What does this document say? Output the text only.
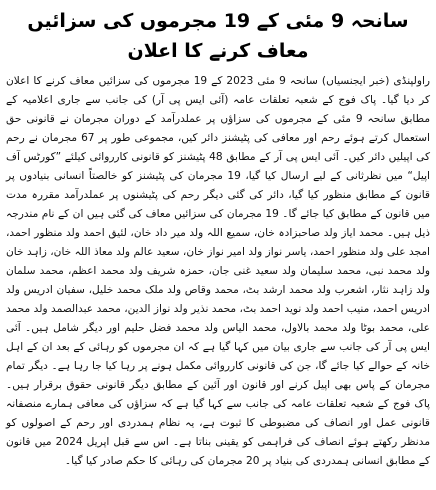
سانحہ 9 مئی کے 19 مجرموں کی سزائیں معاف کرنے کا اعلان

راولپنڈی (خبر ایجنسیاں) سانحہ 9 مئی 2023 کے 19 مجرموں کی سزائیں معاف کرنے کا اعلان کر دیا گیا۔ پاک فوج کے شعبہ تعلقات عامہ (آئی ایس پی آر) کی جانب سے جاری اعلامیہ کے مطابق سانحہ 9 مئی کے مجرموں کی سزاؤں پر عملدرآمد کے دوران مجرمان نے قانونی حق استعمال کرتے ہوئے رحم اور معافی کی پٹیشنز دائر کیں، مجموعی طور پر 67 مجرمان نے رحم کی اپیلیں دائر کیں۔ آئی ایس پی آر کے مطابق 48 پٹیشنز کو قانونی کارروائی کیلئے ”کورٹس آف اپیل“ میں نظرثانی کے لیے ارسال کیا گیا، 19 مجرمان کی پٹیشنز کو خالصتاً انسانی بنیادوں پر قانون کے مطابق منظور کیا گیا، دائر کی گئی دیگر رحم کی پٹیشنوں پر عملدرآمد مقررہ مدت میں قانون کے مطابق کیا جائے گا۔ 19 مجرمان کی سزائیں معاف کی گئی ہیں ان کے نام مندرجہ ذیل ہیں۔ محمد ایاز ولد صاحبزادہ خان، سمیع اللہ ولد میر داد خان، لئیق احمد ولد منظور احمد، امجد علی ولد منظور احمد، یاسر نواز ولد امیر نواز خان، سعید عالم ولد معاذ اللہ خان، زاہد خان ولد محمد نبی، محمد سلیمان ولد سعید غنی جان، حمزہ شریف ولد محمد اعظم، محمد سلمان ولد زاہد نثار، اشعرب ولد محمد ارشد بٹ، محمد وقاص ولد ملک محمد خلیل، سفیان ادریس ولد ادریس احمد، منیب احمد ولد نوید احمد بٹ، محمد نذیر ولد نواز الدین، محمد عبدالصمد ولد محمد علی، محمد بوٹا ولد محمد بالاول، محمد الیاس ولد محمد فضل حلیم اور دیگر شامل ہیں۔ آئی ایس پی آر کی جانب سے جاری بیان میں کہا گیا ہے کہ ان مجرموں کو رہائی کے بعد ان کے اہل خانہ کے حوالے کیا جائے گا، جن کی قانونی کارروائی مکمل ہونے پر رہا کیا جا رہا ہے۔ دیگر تمام مجرمان کے پاس بھی اپیل کرنے اور قانون اور آئین کے مطابق دیگر قانونی حقوق برقرار ہیں۔ پاک فوج کے شعبہ تعلقات عامہ کی جانب سے کہا گیا ہے کہ سزاؤں کی معافی ہمارے منصفانہ قانونی عمل اور انصاف کی مضبوطی کا ثبوت ہے، یہ نظام ہمدردی اور رحم کے اصولوں کو مدنظر رکھتے ہوئے انصاف کی فراہمی کو یقینی بناتا ہے۔ اس سے قبل اپریل 2024 میں قانون کے مطابق انسانی ہمدردی کی بنیاد پر 20 مجرمان کی رہائی کا حکم صادر کیا گیا۔
